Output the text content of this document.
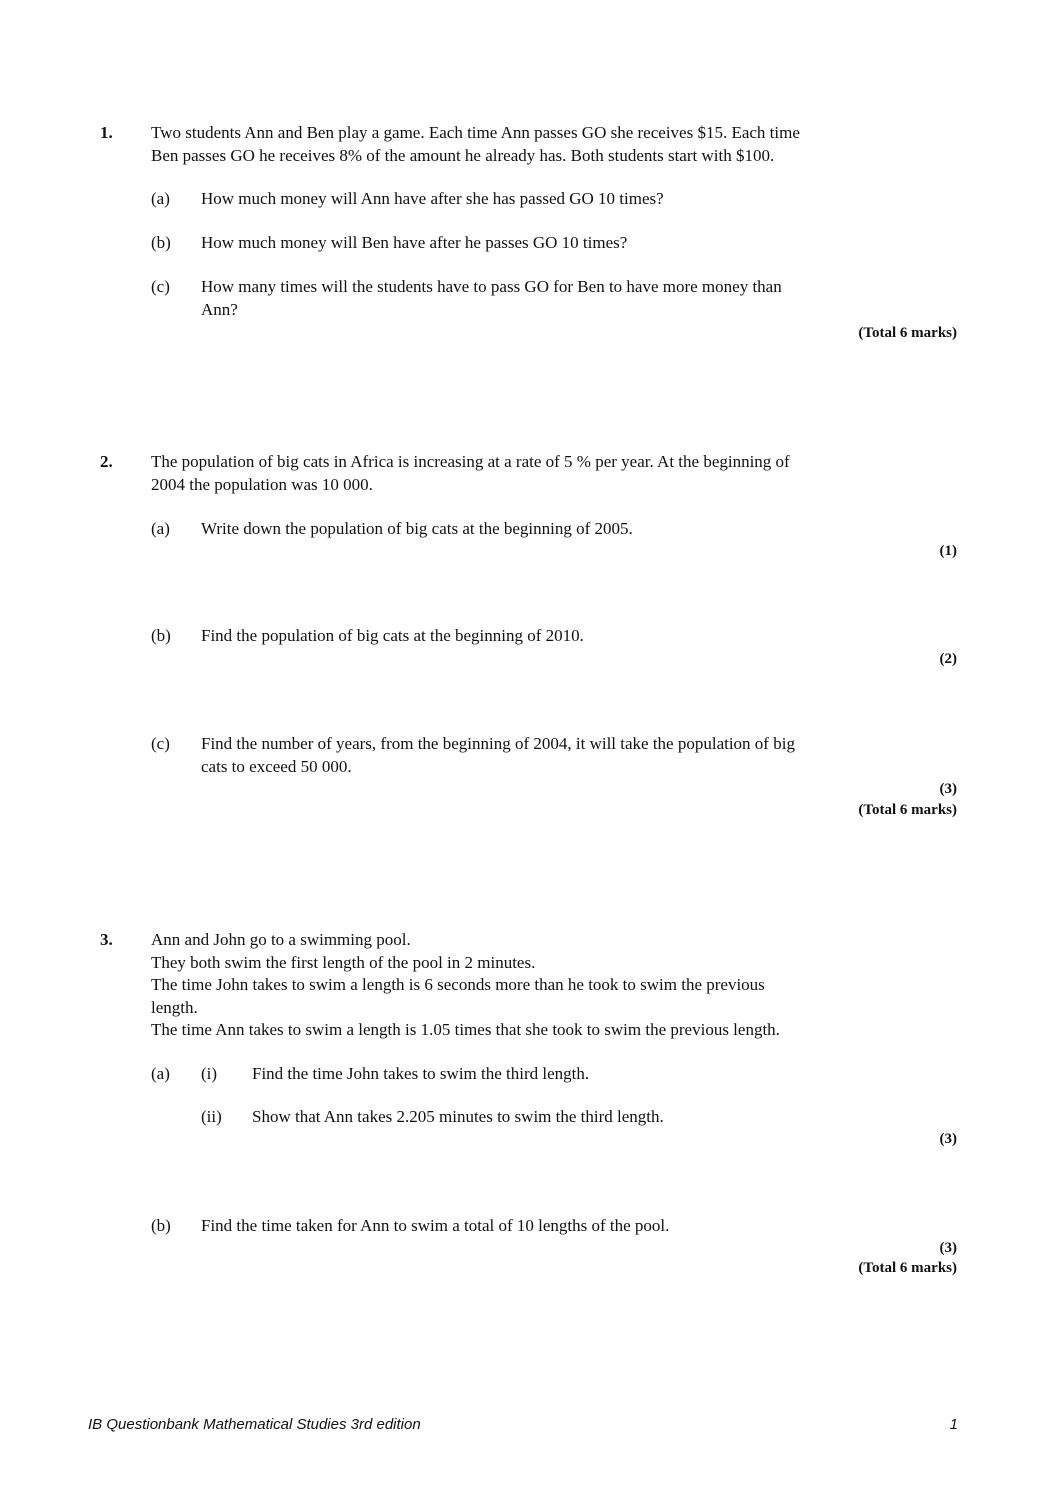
1. Two students Ann and Ben play a game. Each time Ann passes GO she receives $15. Each time
Ben passes GO he receives 8% of the amount he already has. Both students start with $100.
(a) How much money will Ann have after she has passed GO 10 times?
(b) How much money will Ben have after he passes GO 10 times?
(c) How many times will the students have to pass GO for Ben to have more money than
Ann?
(Total 6 marks)
2. The population of big cats in Africa is increasing at a rate of 5 % per year. At the beginning of
2004 the population was 10 000.
(a) Write down the population of big cats at the beginning of 2005.
(1)
(b) Find the population of big cats at the beginning of 2010.
(2)
(c) Find the number of years, from the beginning of 2004, it will take the population of big
cats to exceed 50 000.
(3)
(Total 6 marks)
3. Ann and John go to a swimming pool.
They both swim the first length of the pool in 2 minutes.
The time John takes to swim a length is 6 seconds more than he took to swim the previous
length.
The time Ann takes to swim a length is 1.05 times that she took to swim the previous length.
(a) (i) Find the time John takes to swim the third length.
(ii) Show that Ann takes 2.205 minutes to swim the third length.
(3)
(b) Find the time taken for Ann to swim a total of 10 lengths of the pool.
(3)
(Total 6 marks)
IB Questionbank Mathematical Studies 3rd edition	1
